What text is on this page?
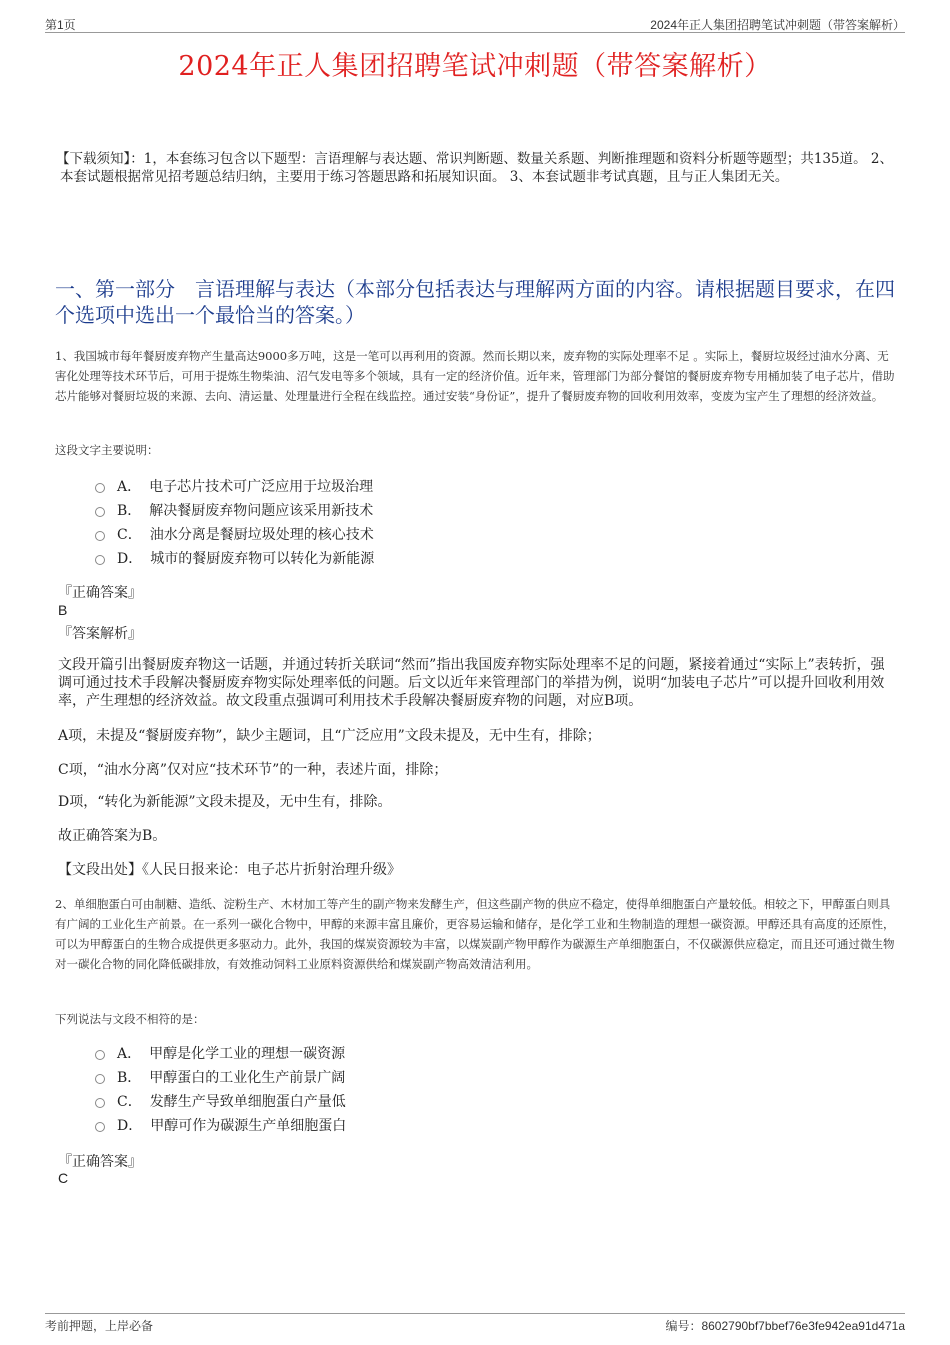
第1页	2024年正人集团招聘笔试冲刺题（带答案解析）
2024年正人集团招聘笔试冲刺题（带答案解析）
【下载须知】：1，本套练习包含以下题型：言语理解与表达题、常识判断题、数量关系题、判断推理题和资料分析题等题型；共135道。 2、本套试题根据常见招考题总结归纳，主要用于练习答题思路和拓展知识面。 3、本套试题非考试真题，且与正人集团无关。
一、第一部分　言语理解与表达（本部分包括表达与理解两方面的内容。请根据题目要求，在四个选项中选出一个最恰当的答案。）
1、我国城市每年餐厨废弃物产生量高达9000多万吨，这是一笔可以再利用的资源。然而长期以来，废弃物的实际处理率不足 。实际上，餐厨垃圾经过油水分离、无害化处理等技术环节后，可用于提炼生物柴油、沼气发电等多个领域，具有一定的经济价值。近年来，管理部门为部分餐馆的餐厨废弃物专用桶加装了电子芯片，借助芯片能够对餐厨垃圾的来源、去向、清运量、处理量进行全程在线监控。通过安装“身份证”，提升了餐厨废弃物的回收利用效率，变废为宝产生了理想的经济效益。
这段文字主要说明：
A． 电子芯片技术可广泛应用于垃圾治理
B． 解决餐厨废弃物问题应该采用新技术
C． 油水分离是餐厨垃圾处理的核心技术
D． 城市的餐厨废弃物可以转化为新能源
『正确答案』
B
『答案解析』
文段开篇引出餐厨废弃物这一话题，并通过转折关联词“然而”指出我国废弃物实际处理率不足的问题，紧接着通过“实际上”表转折，强调可通过技术手段解决餐厨废弃物实际处理率低的问题。后文以近年来管理部门的举措为例，说明“加装电子芯片”可以提升回收利用效率，产生理想的经济效益。故文段重点强调可利用技术手段解决餐厨废弃物的问题，对应B项。
A项，未提及“餐厨废弃物”，缺少主题词，且“广泛应用”文段未提及，无中生有，排除；
C项，“油水分离”仅对应“技术环节”的一种，表述片面，排除；
D项，“转化为新能源”文段未提及，无中生有，排除。
故正确答案为B。
【文段出处】《人民日报来论：电子芯片折射治理升级》
2、单细胞蛋白可由制糖、造纸、淀粉生产、木材加工等产生的副产物来发酵生产，但这些副产物的供应不稳定，使得单细胞蛋白产量较低。相较之下，甲醇蛋白则具有广阔的工业化生产前景。在一系列一碳化合物中，甲醇的来源丰富且廉价，更容易运输和储存，是化学工业和生物制造的理想一碳资源。甲醇还具有高度的还原性，可以为甲醇蛋白的生物合成提供更多驱动力。此外，我国的煤炭资源较为丰富，以煤炭副产物甲醇作为碳源生产单细胞蛋白，不仅碳源供应稳定，而且还可通过微生物对一碳化合物的同化降低碳排放，有效推动饲料工业原料资源供给和煤炭副产物高效清洁利用。
下列说法与文段不相符的是：
A． 甲醇是化学工业的理想一碳资源
B． 甲醇蛋白的工业化生产前景广阔
C． 发酵生产导致单细胞蛋白产量低
D． 甲醇可作为碳源生产单细胞蛋白
『正确答案』
C
考前押题，上岸必备	编号：8602790bf7bbef76e3fe942ea91d471a
